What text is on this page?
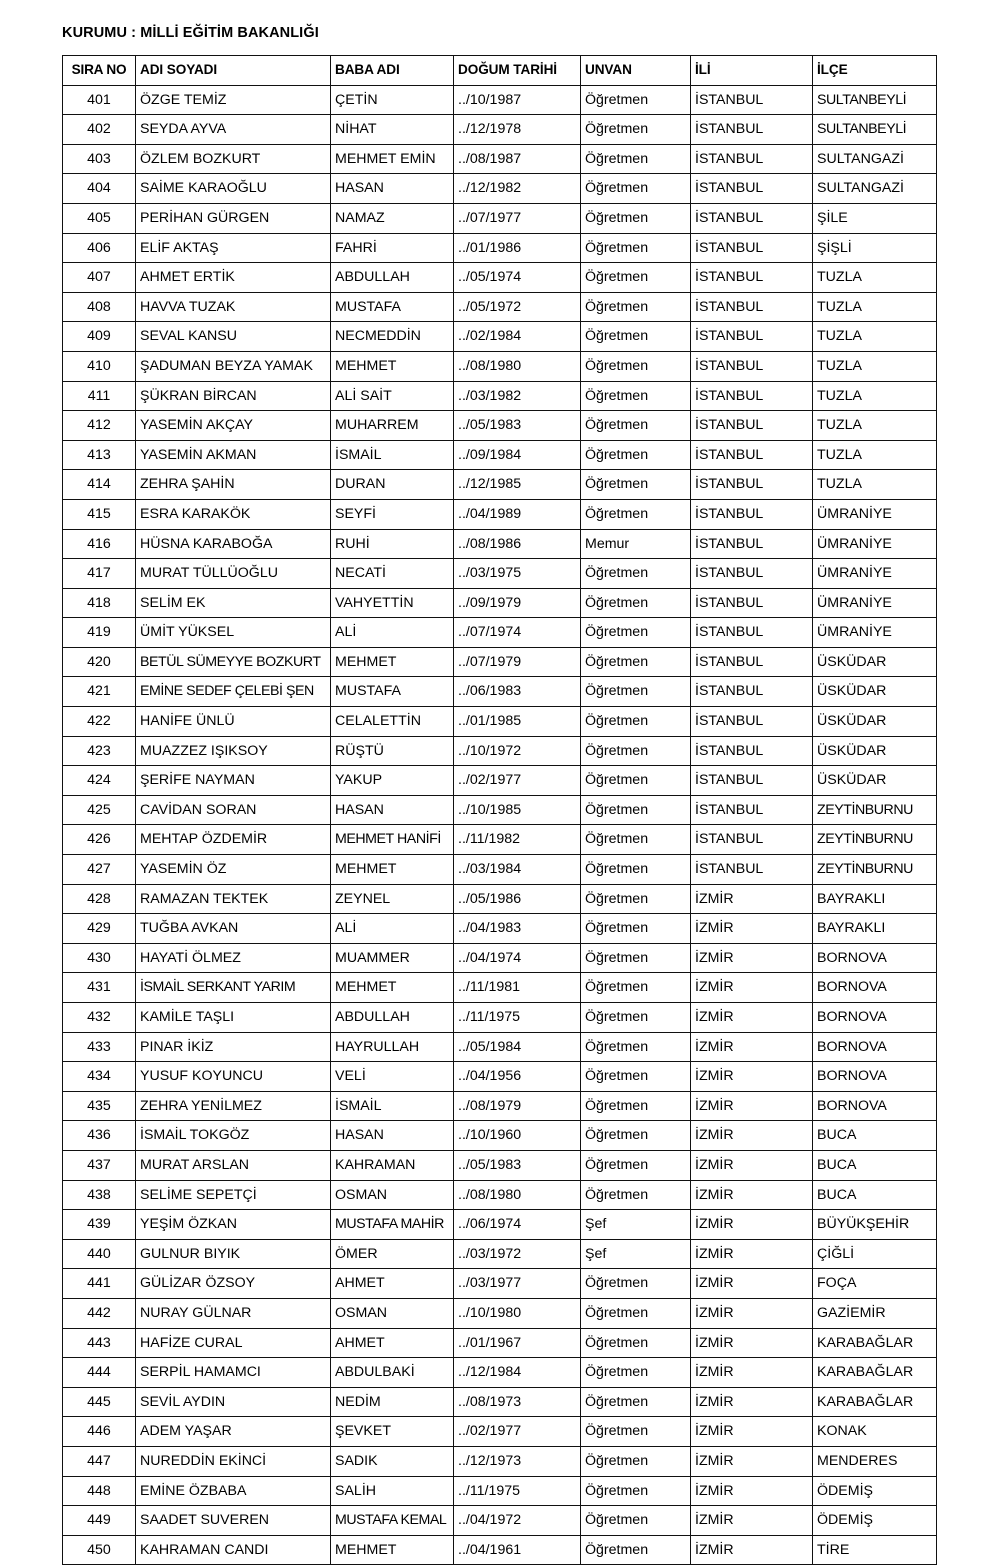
KURUMU : MİLLİ EĞİTİM BAKANLIĞI
SIRA NO	ADI SOYADI	BABA ADI	DOĞUM TARİHİ	UNVAN	İLİ	İLÇE
401	ÖZGE TEMİZ	ÇETİN	../10/1987	Öğretmen	İSTANBUL	SULTANBEYLİ
402	SEYDA AYVA	NİHAT	../12/1978	Öğretmen	İSTANBUL	SULTANBEYLİ
403	ÖZLEM BOZKURT	MEHMET EMİN	../08/1987	Öğretmen	İSTANBUL	SULTANGAZİ
404	SAİME KARAOĞLU	HASAN	../12/1982	Öğretmen	İSTANBUL	SULTANGAZİ
405	PERİHAN GÜRGEN	NAMAZ	../07/1977	Öğretmen	İSTANBUL	ŞİLE
406	ELİF AKTAŞ	FAHRİ	../01/1986	Öğretmen	İSTANBUL	ŞİŞLİ
407	AHMET ERTİK	ABDULLAH	../05/1974	Öğretmen	İSTANBUL	TUZLA
408	HAVVA TUZAK	MUSTAFA	../05/1972	Öğretmen	İSTANBUL	TUZLA
409	SEVAL KANSU	NECMEDDİN	../02/1984	Öğretmen	İSTANBUL	TUZLA
410	ŞADUMAN BEYZA YAMAK	MEHMET	../08/1980	Öğretmen	İSTANBUL	TUZLA
411	ŞÜKRAN BİRCAN	ALİ SAİT	../03/1982	Öğretmen	İSTANBUL	TUZLA
412	YASEMİN AKÇAY	MUHARREM	../05/1983	Öğretmen	İSTANBUL	TUZLA
413	YASEMİN AKMAN	İSMAİL	../09/1984	Öğretmen	İSTANBUL	TUZLA
414	ZEHRA ŞAHİN	DURAN	../12/1985	Öğretmen	İSTANBUL	TUZLA
415	ESRA KARAKÖK	SEYFİ	../04/1989	Öğretmen	İSTANBUL	ÜMRANİYE
416	HÜSNA KARABOĞA	RUHİ	../08/1986	Memur	İSTANBUL	ÜMRANİYE
417	MURAT TÜLLÜOĞLU	NECATİ	../03/1975	Öğretmen	İSTANBUL	ÜMRANİYE
418	SELİM EK	VAHYETTİN	../09/1979	Öğretmen	İSTANBUL	ÜMRANİYE
419	ÜMİT YÜKSEL	ALİ	../07/1974	Öğretmen	İSTANBUL	ÜMRANİYE
420	BETÜL SÜMEYYE BOZKURT	MEHMET	../07/1979	Öğretmen	İSTANBUL	ÜSKÜDAR
421	EMİNE SEDEF ÇELEBİ ŞEN	MUSTAFA	../06/1983	Öğretmen	İSTANBUL	ÜSKÜDAR
422	HANİFE ÜNLÜ	CELALETTİN	../01/1985	Öğretmen	İSTANBUL	ÜSKÜDAR
423	MUAZZEZ IŞIKSOY	RÜŞTÜ	../10/1972	Öğretmen	İSTANBUL	ÜSKÜDAR
424	ŞERİFE NAYMAN	YAKUP	../02/1977	Öğretmen	İSTANBUL	ÜSKÜDAR
425	CAVİDAN SORAN	HASAN	../10/1985	Öğretmen	İSTANBUL	ZEYTİNBURNU
426	MEHTAP ÖZDEMİR	MEHMET HANİFİ	../11/1982	Öğretmen	İSTANBUL	ZEYTİNBURNU
427	YASEMİN ÖZ	MEHMET	../03/1984	Öğretmen	İSTANBUL	ZEYTİNBURNU
428	RAMAZAN TEKTEK	ZEYNEL	../05/1986	Öğretmen	İZMİR	BAYRAKLI
429	TUĞBA AVKAN	ALİ	../04/1983	Öğretmen	İZMİR	BAYRAKLI
430	HAYATİ ÖLMEZ	MUAMMER	../04/1974	Öğretmen	İZMİR	BORNOVA
431	İSMAİL SERKANT YARIM	MEHMET	../11/1981	Öğretmen	İZMİR	BORNOVA
432	KAMİLE TAŞLI	ABDULLAH	../11/1975	Öğretmen	İZMİR	BORNOVA
433	PINAR İKİZ	HAYRULLAH	../05/1984	Öğretmen	İZMİR	BORNOVA
434	YUSUF KOYUNCU	VELİ	../04/1956	Öğretmen	İZMİR	BORNOVA
435	ZEHRA YENİLMEZ	İSMAİL	../08/1979	Öğretmen	İZMİR	BORNOVA
436	İSMAİL TOKGÖZ	HASAN	../10/1960	Öğretmen	İZMİR	BUCA
437	MURAT ARSLAN	KAHRAMAN	../05/1983	Öğretmen	İZMİR	BUCA
438	SELİME SEPETÇİ	OSMAN	../08/1980	Öğretmen	İZMİR	BUCA
439	YEŞİM ÖZKAN	MUSTAFA MAHİR	../06/1974	Şef	İZMİR	BÜYÜKŞEHİR
440	GULNUR BIYIK	ÖMER	../03/1972	Şef	İZMİR	ÇİĞLİ
441	GÜLİZAR ÖZSOY	AHMET	../03/1977	Öğretmen	İZMİR	FOÇA
442	NURAY GÜLNAR	OSMAN	../10/1980	Öğretmen	İZMİR	GAZİEMİR
443	HAFİZE CURAL	AHMET	../01/1967	Öğretmen	İZMİR	KARABAĞLAR
444	SERPİL HAMAMCI	ABDULBAKİ	../12/1984	Öğretmen	İZMİR	KARABAĞLAR
445	SEVİL AYDIN	NEDİM	../08/1973	Öğretmen	İZMİR	KARABAĞLAR
446	ADEM YAŞAR	ŞEVKET	../02/1977	Öğretmen	İZMİR	KONAK
447	NUREDDİN EKİNCİ	SADIK	../12/1973	Öğretmen	İZMİR	MENDERES
448	EMİNE ÖZBABA	SALİH	../11/1975	Öğretmen	İZMİR	ÖDEMİŞ
449	SAADET SUVEREN	MUSTAFA KEMAL	../04/1972	Öğretmen	İZMİR	ÖDEMİŞ
450	KAHRAMAN CANDI	MEHMET	../04/1961	Öğretmen	İZMİR	TİRE
